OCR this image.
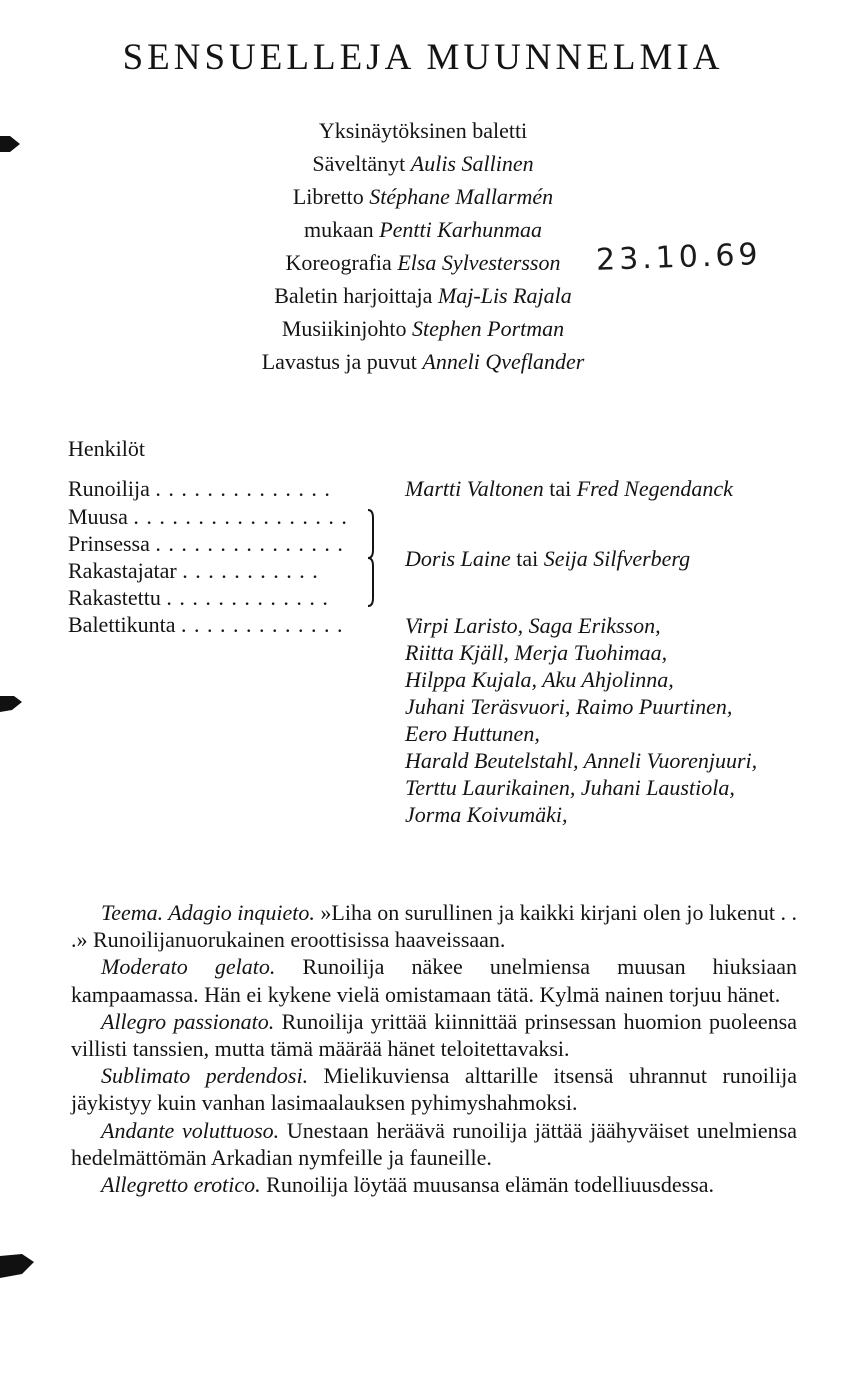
SENSUELLEJA MUUNNELMIA
Yksinäytöksinen baletti
Säveltänyt Aulis Sallinen
Libretto Stéphane Mallarmén
mukaan Pentti Karhunmaa
Koreografia Elsa Sylvestersson
Baletin harjoittaja Maj-Lis Rajala
Musiikinjohto Stephen Portman
Lavastus ja puvut Anneli Qveflander
23.10.69
Henkilöt
Runoilija . . . . . . . . . . . . . .
Muusa . . . . . . . . . . . . . . . . .
Prinsessa . . . . . . . . . . . . . . .
Rakastajatar . . . . . . . . . . .
Rakastettu . . . . . . . . . . . . .
Balettikunta . . . . . . . . . . . . .
Martti Valtonen tai Fred Negendanck
Doris Laine tai Seija Silfverberg
Virpi Laristo, Saga Eriksson,
Riitta Kjäll, Merja Tuohimaa,
Hilppa Kujala, Aku Ahjolinna,
Juhani Teräsvuori, Raimo Puurtinen,
Eero Huttunen,
Harald Beutelstahl, Anneli Vuorenjuuri,
Terttu Laurikainen, Juhani Laustiola,
Jorma Koivumäki,

Teema. Adagio inquieto. »Liha on surullinen ja kaikki kirjani olen jo lukenut . . .» Runoilijanuorukainen eroottisissa haaveissaan.

Moderato gelato. Runoilija näkee unelmiensa muusan hiuksiaan kampaamassa. Hän ei kykene vielä omistamaan tätä. Kylmä nainen torjuu hänet.

Allegro passionato. Runoilija yrittää kiinnittää prinsessan huomion puoleensa villisti tanssien, mutta tämä määrää hänet teloitettavaksi.

Sublimato perdendosi. Mielikuviensa alttarille itsensä uhrannut runoilija jäykistyy kuin vanhan lasimaalauksen pyhimyshahmoksi.

Andante voluttuoso. Unestaan heräävä runoilija jättää jäähyväiset unelmiensa hedelmättömän Arkadian nymfeille ja fauneille.

Allegretto erotico. Runoilija löytää muusansa elämän todelliuusdessa.
